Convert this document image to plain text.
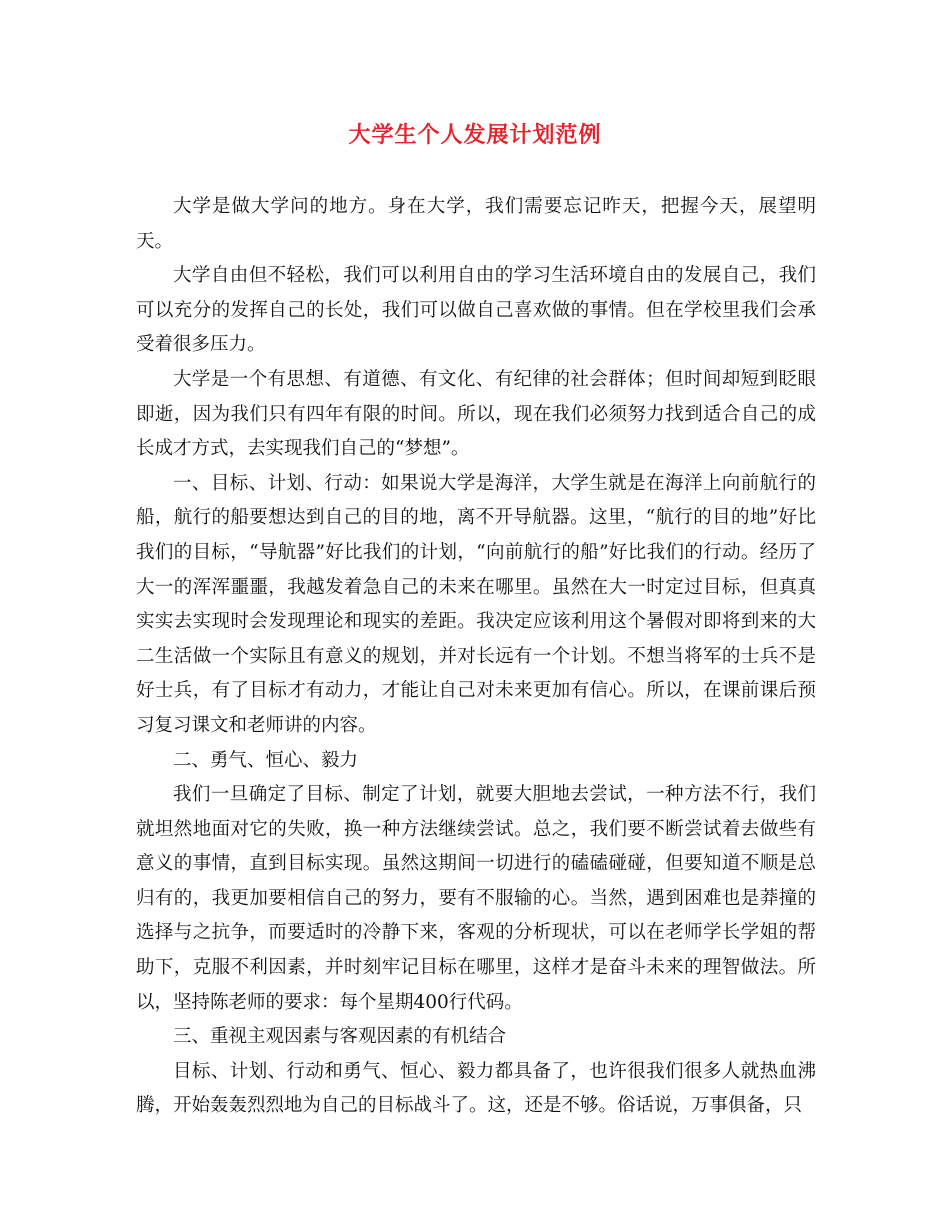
大学生个人发展计划范例

大学是做大学问的地方。身在大学，我们需要忘记昨天，把握今天，展望明天。

大学自由但不轻松，我们可以利用自由的学习生活环境自由的发展自己，我们可以充分的发挥自己的长处，我们可以做自己喜欢做的事情。但在学校里我们会承受着很多压力。

大学是一个有思想、有道德、有文化、有纪律的社会群体；但时间却短到眨眼即逝，因为我们只有四年有限的时间。所以，现在我们必须努力找到适合自己的成长成才方式，去实现我们自己的“梦想”。

一、目标、计划、行动：如果说大学是海洋，大学生就是在海洋上向前航行的船，航行的船要想达到自己的目的地，离不开导航器。这里，“航行的目的地”好比我们的目标，“导航器”好比我们的计划，“向前航行的船”好比我们的行动。经历了大一的浑浑噩噩，我越发着急自己的未来在哪里。虽然在大一时定过目标，但真真实实去实现时会发现理论和现实的差距。我决定应该利用这个暑假对即将到来的大二生活做一个实际且有意义的规划，并对长远有一个计划。不想当将军的士兵不是好士兵，有了目标才有动力，才能让自己对未来更加有信心。所以，在课前课后预习复习课文和老师讲的内容。

二、勇气、恒心、毅力

我们一旦确定了目标、制定了计划，就要大胆地去尝试，一种方法不行，我们就坦然地面对它的失败，换一种方法继续尝试。总之，我们要不断尝试着去做些有意义的事情，直到目标实现。虽然这期间一切进行的磕磕碰碰，但要知道不顺是总归有的，我更加要相信自己的努力，要有不服输的心。当然，遇到困难也是莽撞的选择与之抗争，而要适时的冷静下来，客观的分析现状，可以在老师学长学姐的帮助下，克服不利因素，并时刻牢记目标在哪里，这样才是奋斗未来的理智做法。所以，坚持陈老师的要求：每个星期400行代码。

三、重视主观因素与客观因素的有机结合

目标、计划、行动和勇气、恒心、毅力都具备了，也许很我们很多人就热血沸腾，开始轰轰烈烈地为自己的目标战斗了。这，还是不够。俗话说，万事俱备，只
